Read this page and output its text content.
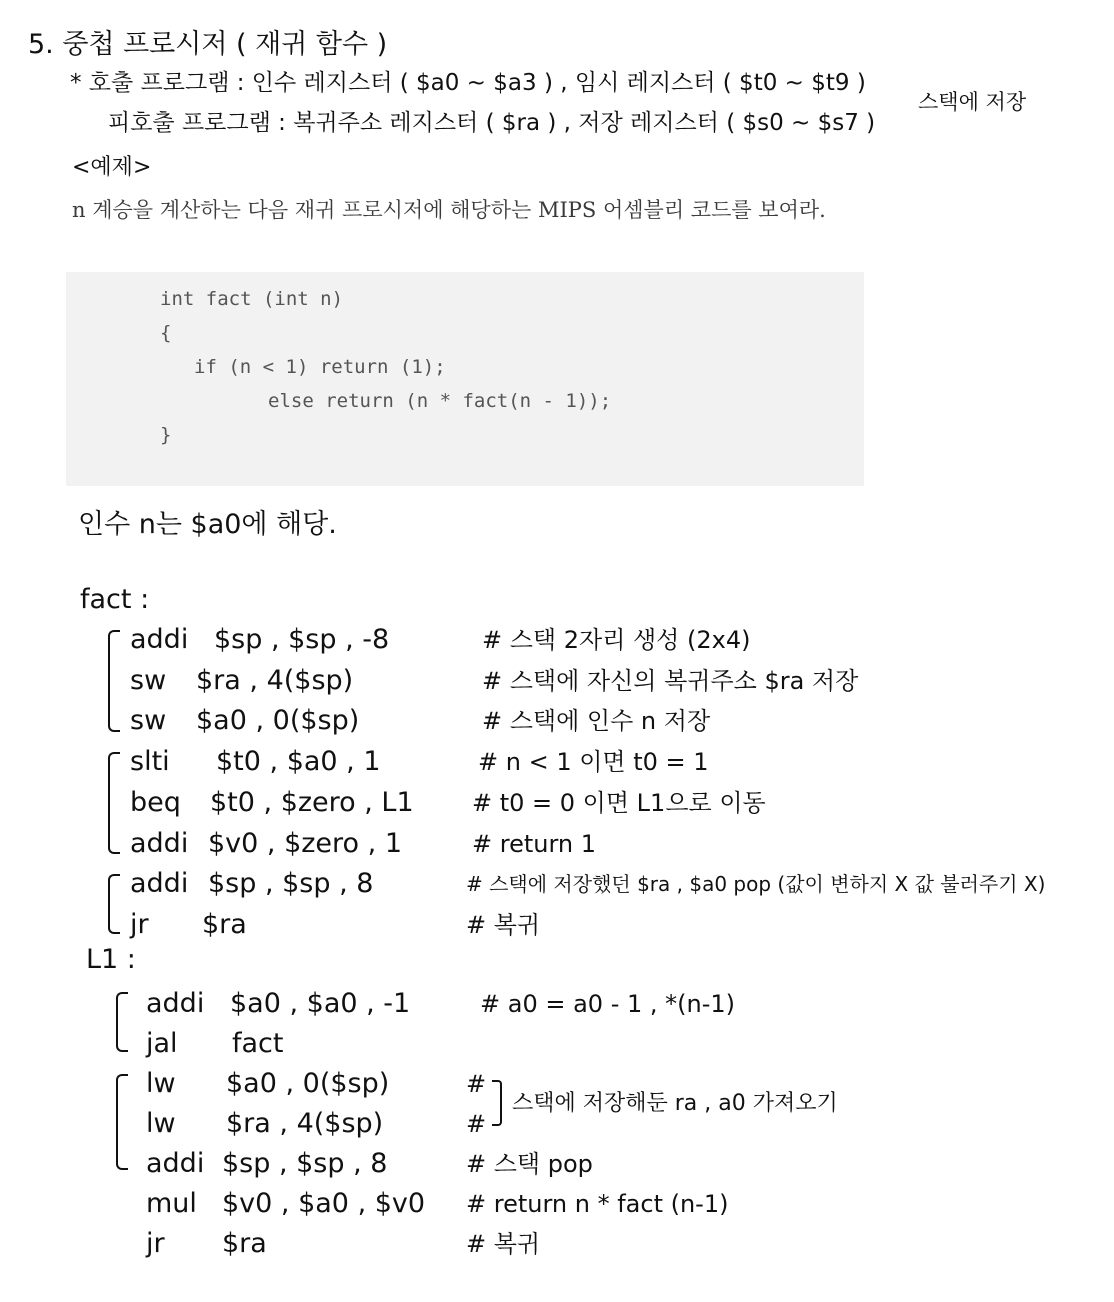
5. 중첩 프로시저 ( 재귀 함수 )
* 호출 프로그램 : 인수 레지스터 ( $a0 ~ $a3 ) , 임시 레지스터 ( $t0 ~ $t9 )
피호출 프로그램 : 복귀주소 레지스터 ( $ra ) , 저장 레지스터 ( $s0 ~ $s7 )
스택에 저장
<예제>
n 계승을 계산하는 다음 재귀 프로시저에 해당하는 MIPS 어셈블리 코드를 보여라.
int fact (int n)
{
if (n < 1) return (1);
else return (n * fact(n - 1));
}
인수 n는 $a0에 해당.
fact :
addi $sp , $sp , -8	# 스택 2자리 생성 (2x4)
sw $ra , 4($sp)	# 스택에 자신의 복귀주소 $ra 저장
sw $a0 , 0($sp)	# 스택에 인수 n 저장
slti $t0 , $a0 , 1	# n < 1 이면 t0 = 1
beq $t0 , $zero , L1 # t0 = 0 이면 L1으로 이동
addi $v0 , $zero , 1	# return 1
addi $sp , $sp , 8	# 스택에 저장했던 $ra , $a0 pop (값이 변하지 X 값 불러주기 X)
jr $ra	# 복귀
L1 :
addi $a0 , $a0 , -1	# a0 = a0 - 1 , *(n-1)
jal fact
lw $a0 , 0($sp)	#
lw $ra , 4($sp)	#
addi $sp , $sp , 8	# 스택 pop
mul $v0 , $a0 , $v0 # return n * fact (n-1)
jr $ra	# 복귀
스택에 저장해둔 ra , a0 가져오기
